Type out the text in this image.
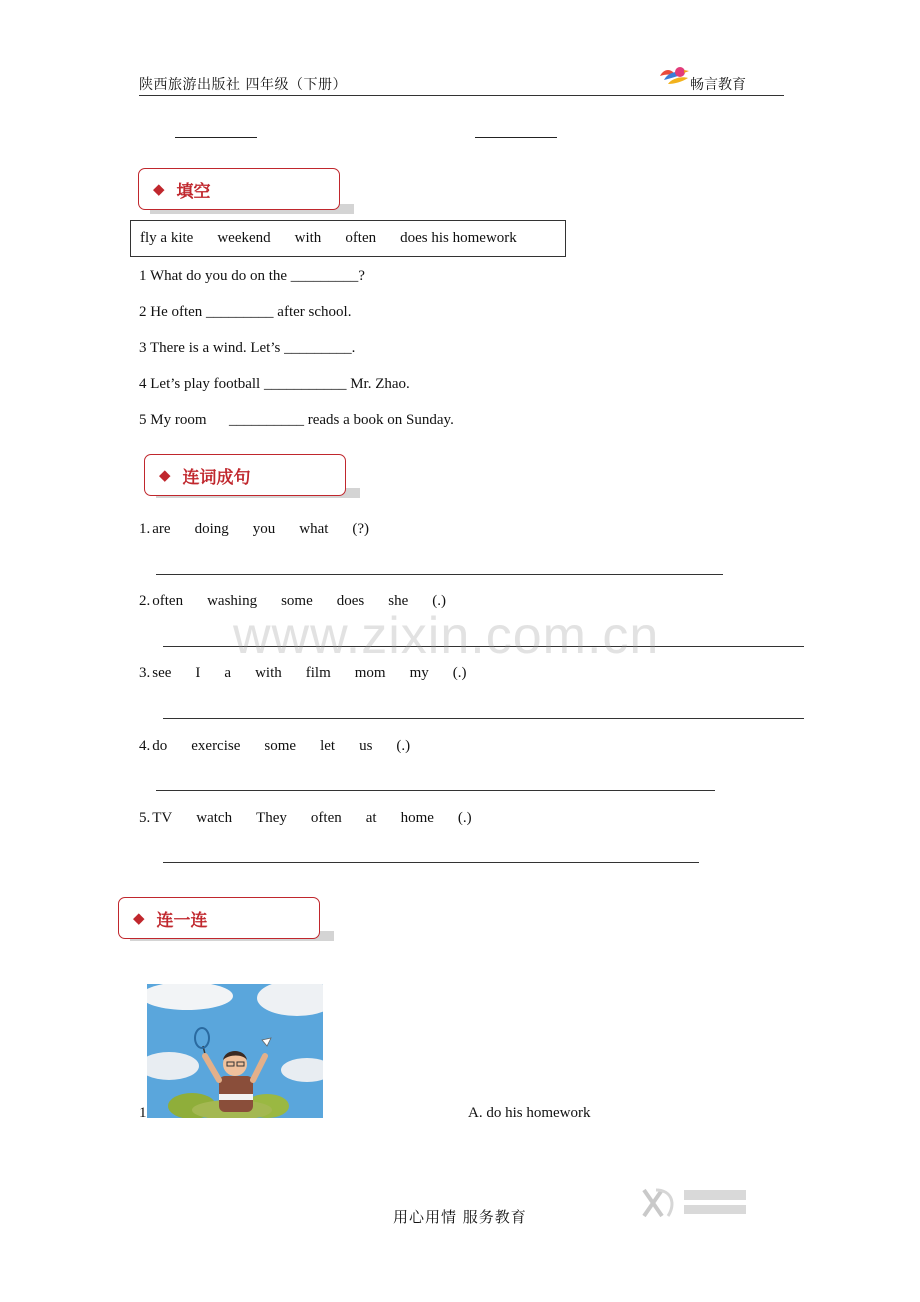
陕西旅游出版社 四年级（下册）	畅言教育
◆ 填空
fly a kite weekend with often does his homework
1 What do you do on the _________?
2 He often _________ after school.
3 There is a wind. Let’s _________.
4 Let’s play football ___________ Mr. Zhao.
5 My room      __________ reads a book on Sunday.
◆ 连词成句
1. are doing you what (?)
2. often washing some does she (.)
3. see I a with film mom my (.)
4. do exercise some let us (.)
5. TV watch They often at home (.)
www.zixin.com.cn
◆ 连一连
1	A. do his homework
用心用情 服务教育
